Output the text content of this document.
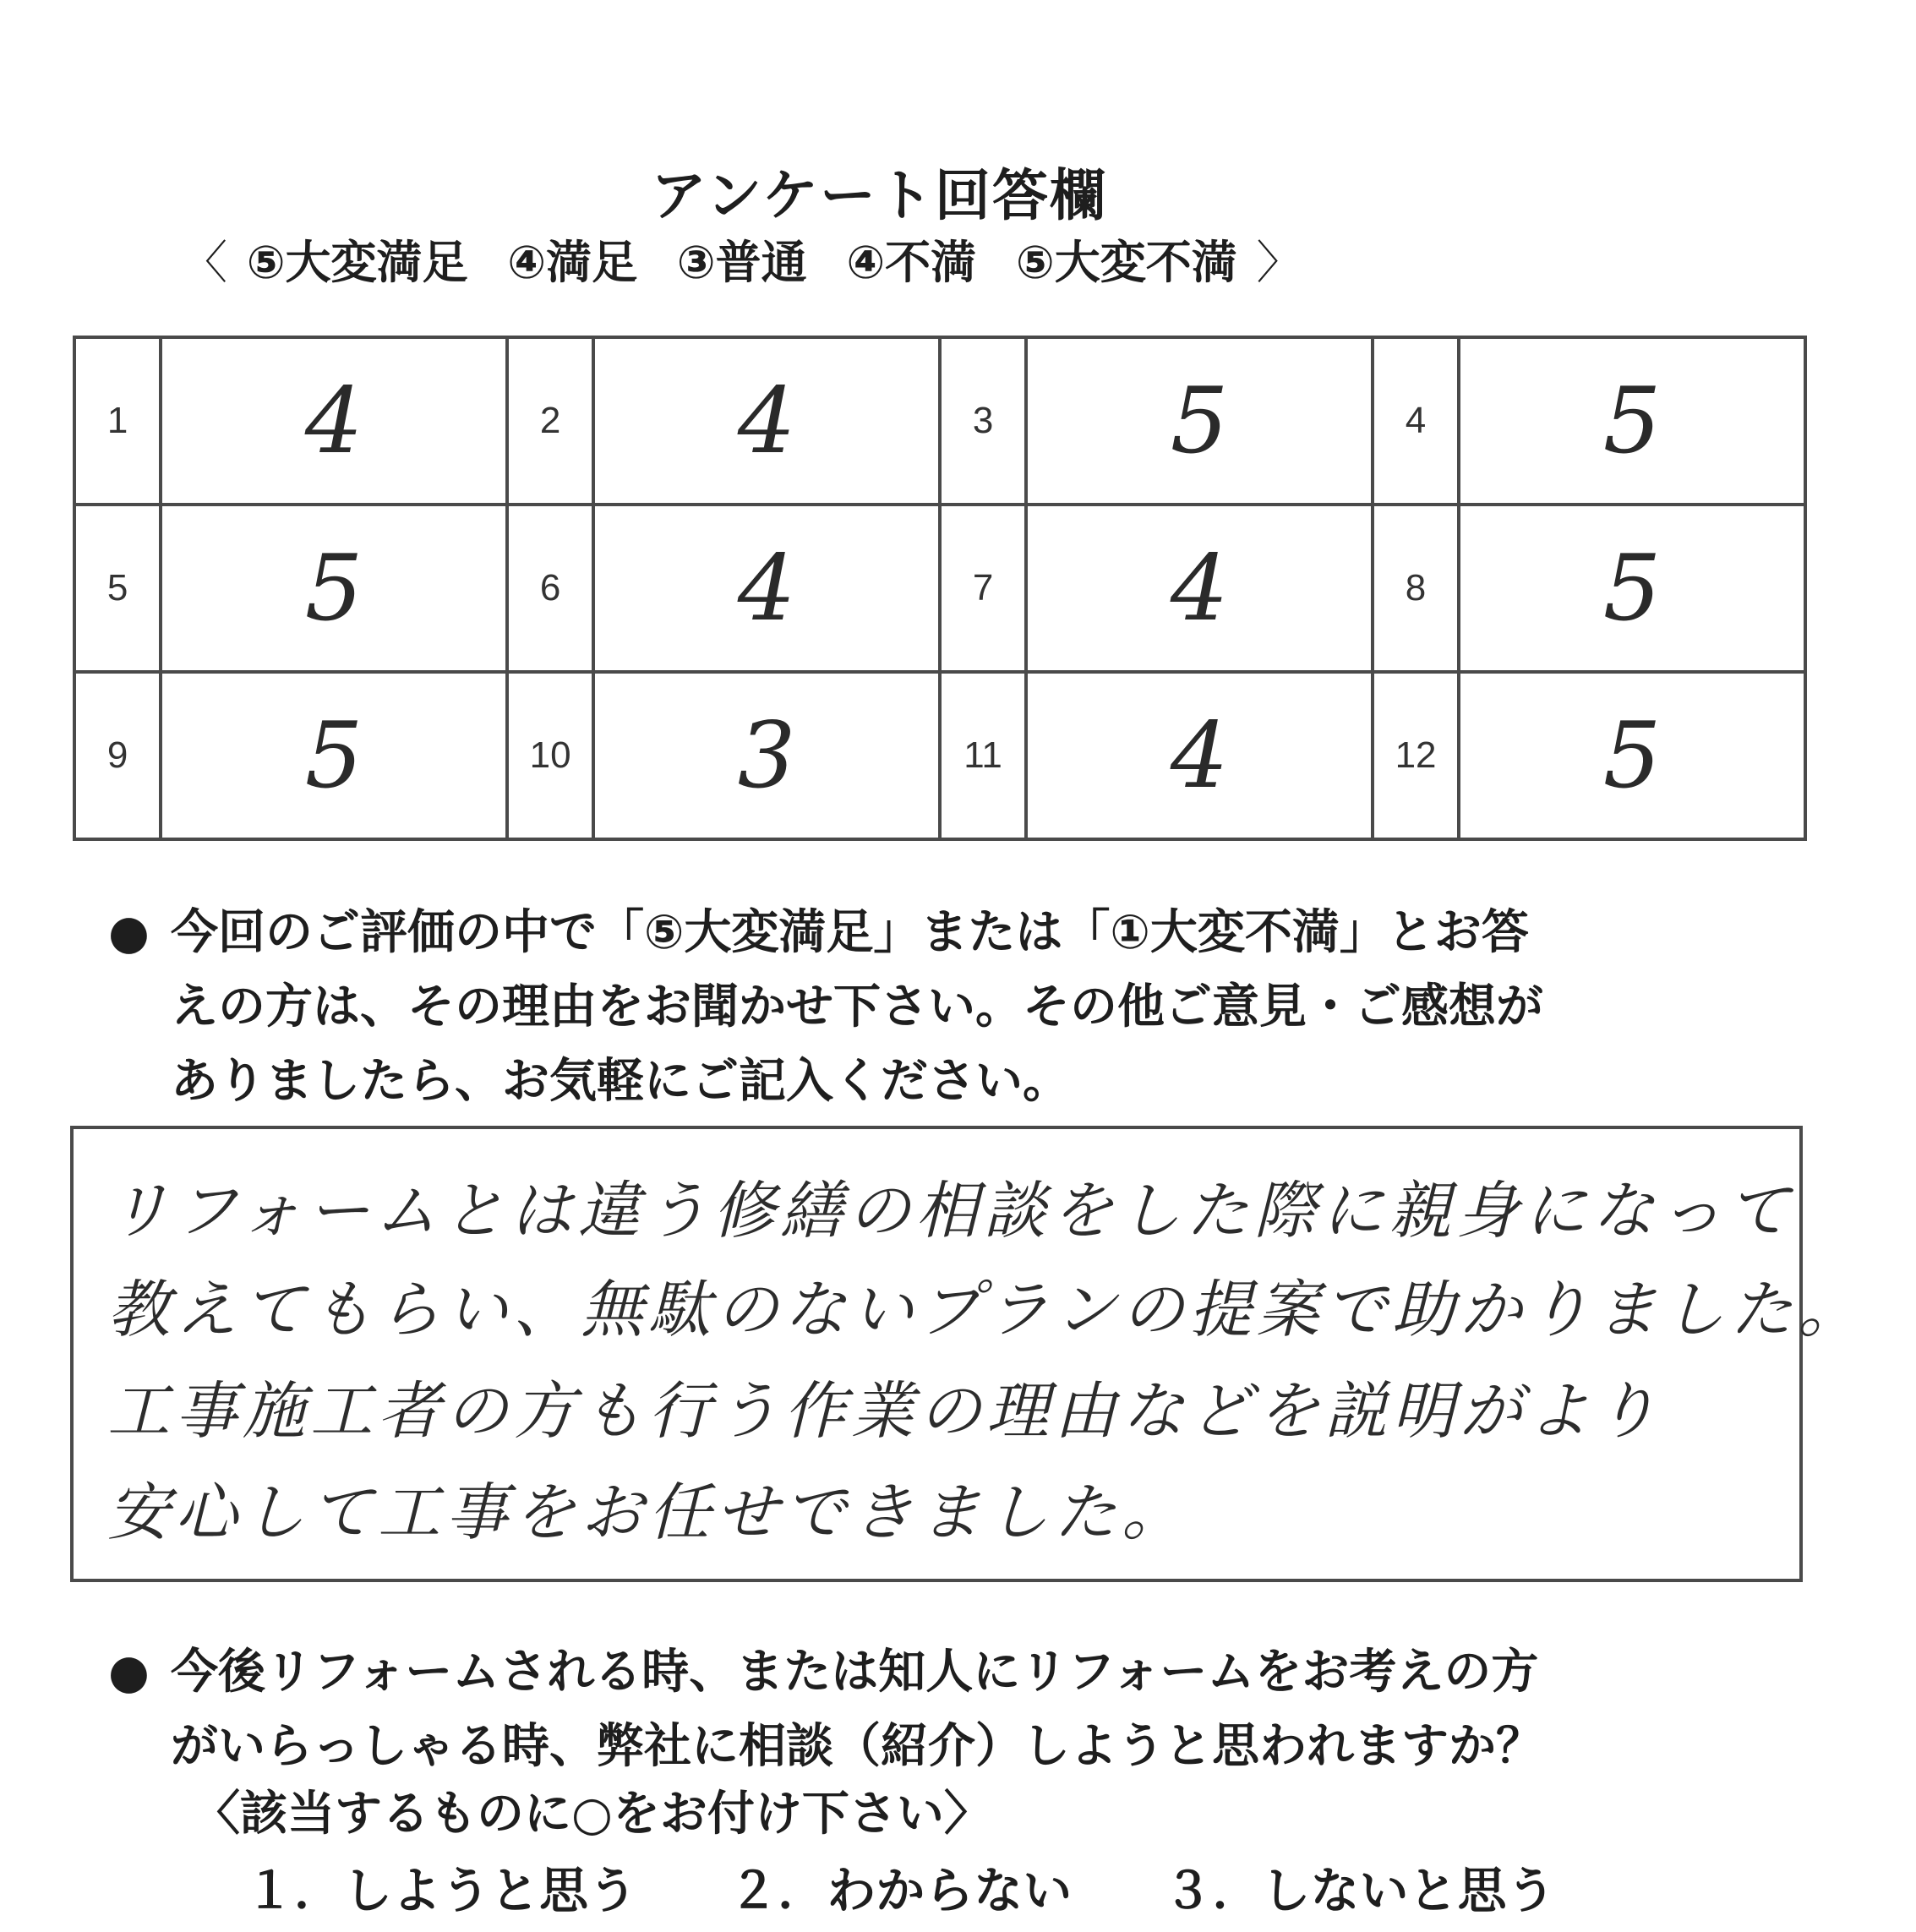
アンケート回答欄
〈 ⑤大変満足 ④満足 ③普通 ④不満 ⑤大変不満 〉
1	4	2	4	3	5	4	5
5	5	6	4	7	4	8	5
9	5	10	3	11	4	12	5
● 今回のご評価の中で「⑤大変満足」または「①大変不満」とお答
えの方は、その理由をお聞かせ下さい。その他ご意見・ご感想が
ありましたら、お気軽にご記入ください。
リフォームとは違う修繕の相談をした際に親身になって
教えてもらい、無駄のないプランの提案で助かりました。
工事施工者の方も行う作業の理由などを説明がより
安心して工事をお任せできました。
● 今後リフォームされる時、または知人にリフォームをお考えの方
がいらっしゃる時、弊社に相談（紹介）しようと思われますか？
〈該当するものに○をお付け下さい〉
１．しようと思う ２．わからない ３．しないと思う
